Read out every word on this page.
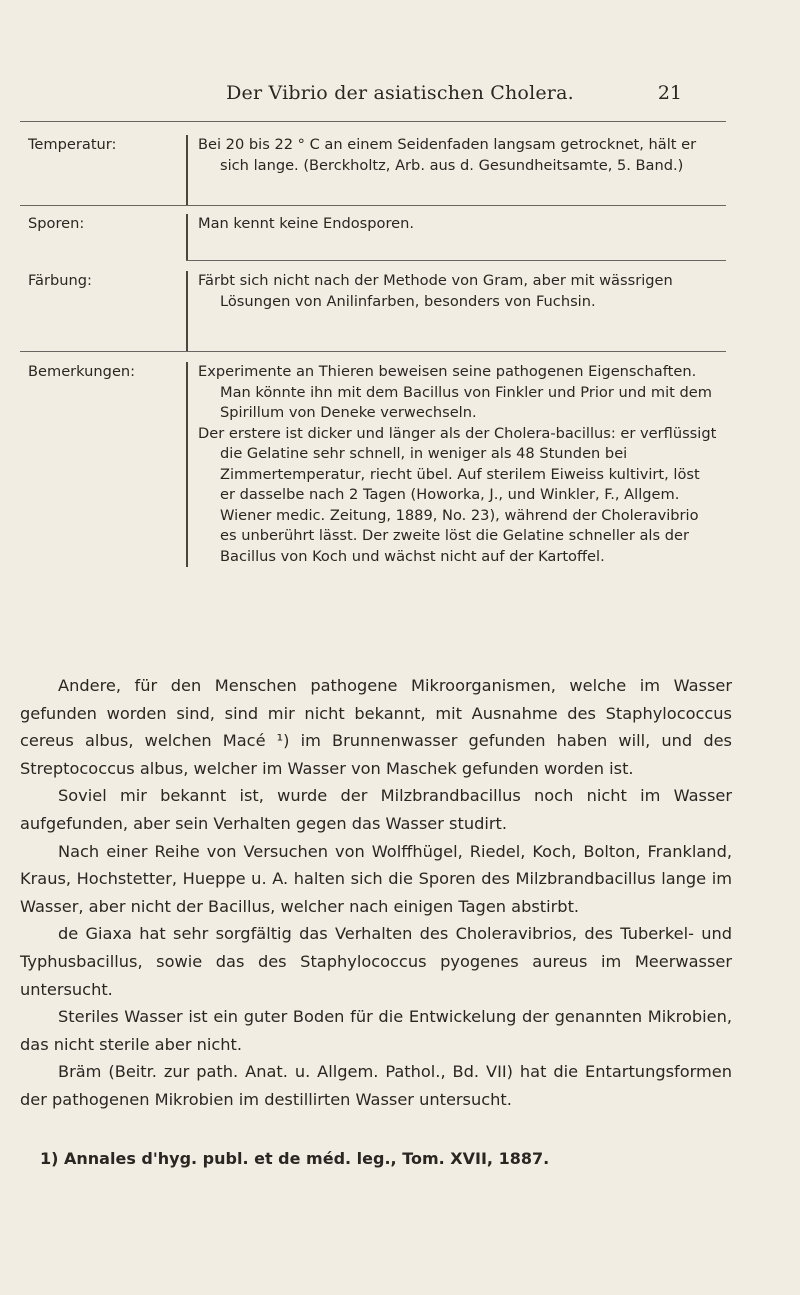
Der Vibrio der asiatischen Cholera.	21
Temperatur:	Bei 20 bis 22 ° C an einem Seidenfaden langsam getrocknet, hält er sich lange. (Berckholtz, Arb. aus d. Gesundheitsamte, 5. Band.)

Sporen:	Man kennt keine Endosporen.

Färbung:	Färbt sich nicht nach der Methode von Gram, aber mit wässrigen Lösungen von Anilinfarben, besonders von Fuchsin.

Bemerkungen:	Experimente an Thieren beweisen seine pathogenen Eigenschaften. Man könnte ihn mit dem Bacillus von Finkler und Prior und mit dem Spirillum von Deneke verwechseln.

Der erstere ist dicker und länger als der Cholera-bacillus: er verflüssigt die Gelatine sehr schnell, in weniger als 48 Stunden bei Zimmertemperatur, riecht übel. Auf sterilem Eiweiss kultivirt, löst er dasselbe nach 2 Tagen (Howorka, J., und Winkler, F., Allgem. Wiener medic. Zeitung, 1889, No. 23), während der Choleravibrio es unberührt lässt. Der zweite löst die Gelatine schneller als der Bacillus von Koch und wächst nicht auf der Kartoffel.

Andere, für den Menschen pathogene Mikroorganismen, welche im Wasser gefunden worden sind, sind mir nicht bekannt, mit Ausnahme des Staphylococcus cereus albus, welchen Macé ¹) im Brunnenwasser gefunden haben will, und des Streptococcus albus, welcher im Wasser von Maschek gefunden worden ist.

Soviel mir bekannt ist, wurde der Milzbrandbacillus noch nicht im Wasser aufgefunden, aber sein Verhalten gegen das Wasser studirt.

Nach einer Reihe von Versuchen von Wolffhügel, Riedel, Koch, Bolton, Frankland, Kraus, Hochstetter, Hueppe u. A. halten sich die Sporen des Milzbrandbacillus lange im Wasser, aber nicht der Bacillus, welcher nach einigen Tagen abstirbt.

de Giaxa hat sehr sorgfältig das Verhalten des Choleravibrios, des Tuberkel- und Typhusbacillus, sowie das des Staphylococcus pyogenes aureus im Meerwasser untersucht.

Steriles Wasser ist ein guter Boden für die Entwickelung der genannten Mikrobien, das nicht sterile aber nicht.

Bräm (Beitr. zur path. Anat. u. Allgem. Pathol., Bd. VII) hat die Entartungsformen der pathogenen Mikrobien im destillirten Wasser untersucht.

1) Annales d'hyg. publ. et de méd. leg., Tom. XVII, 1887.
